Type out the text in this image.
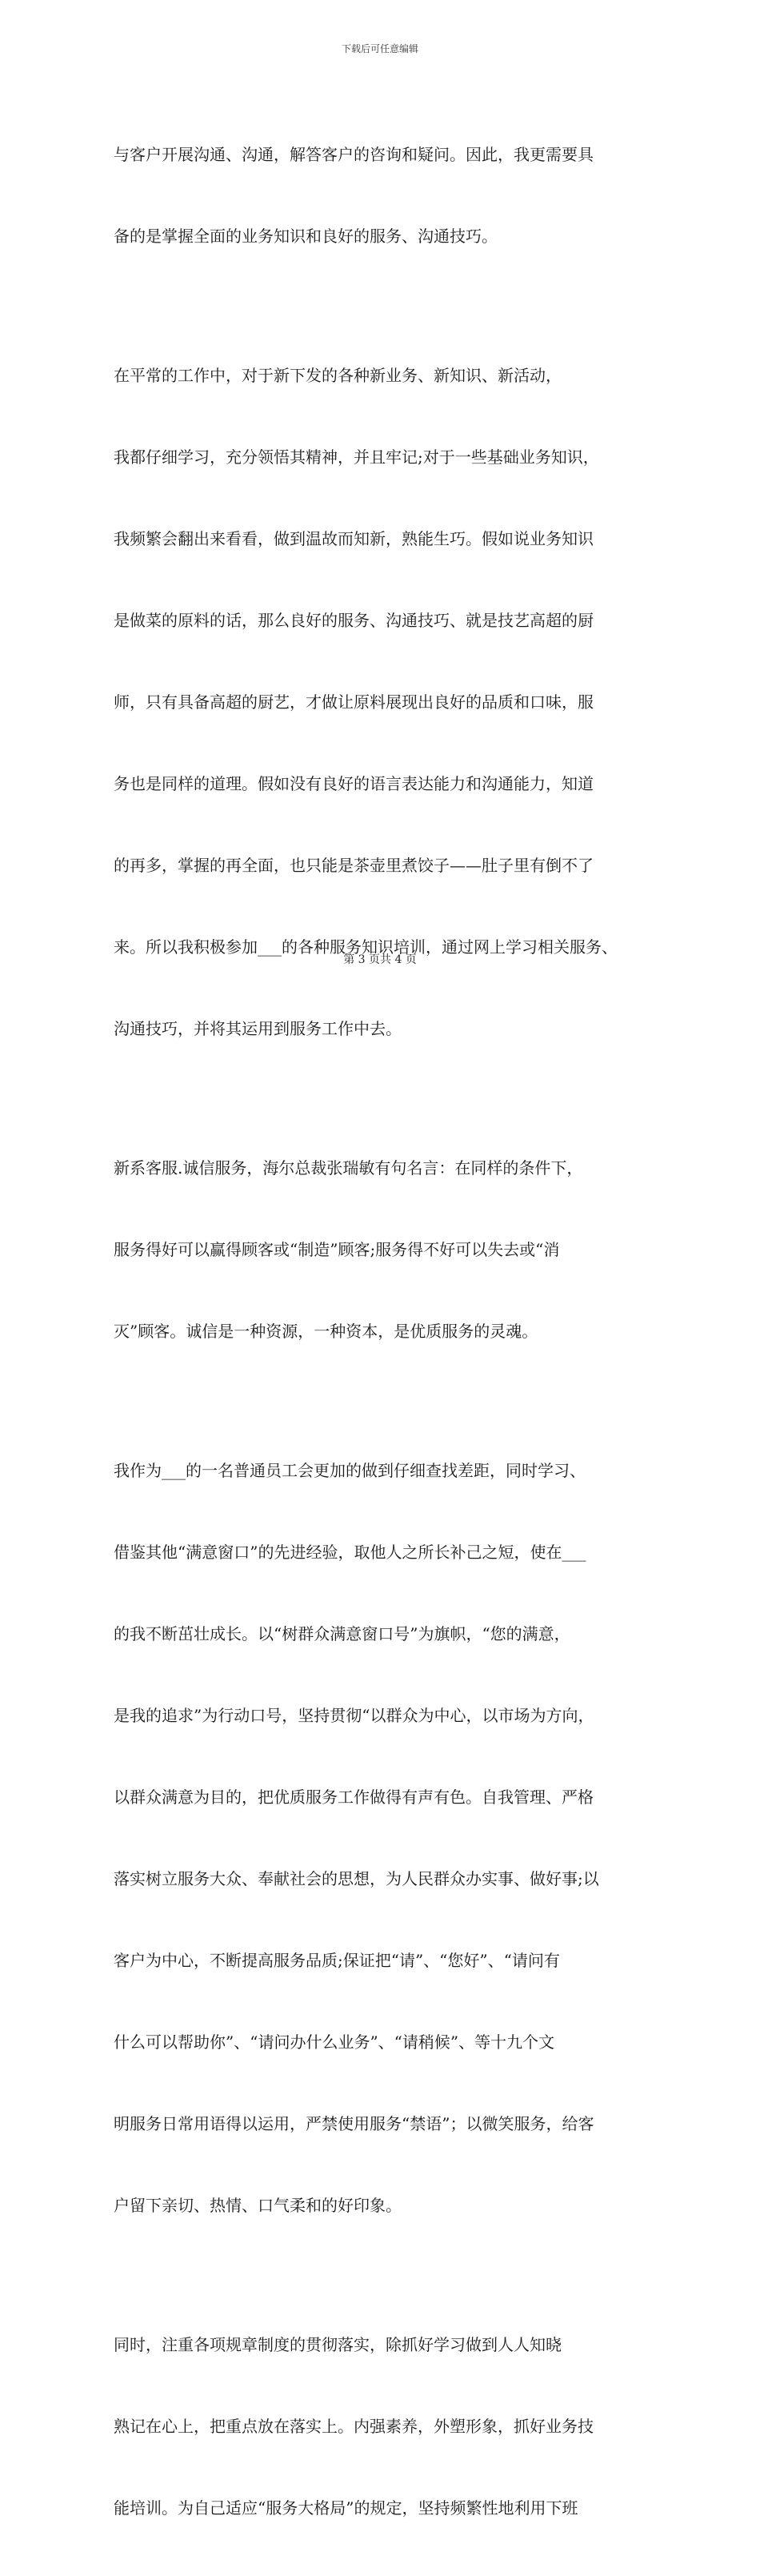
下载后可任意编辑

与客户开展沟通、沟通，解答客户的咨询和疑问。因此，我更需要具

备的是掌握全面的业务知识和良好的服务、沟通技巧。

在平常的工作中，对于新下发的各种新业务、新知识、新活动，

我都仔细学习，充分领悟其精神，并且牢记;对于一些基础业务知识，

我频繁会翻出来看看，做到温故而知新，熟能生巧。假如说业务知识

是做菜的原料的话，那么良好的服务、沟通技巧、就是技艺高超的厨

师，只有具备高超的厨艺，才做让原料展现出良好的品质和口味，服

务也是同样的道理。假如没有良好的语言表达能力和沟通能力，知道

的再多，掌握的再全面，也只能是茶壶里煮饺子——肚子里有倒不了

来。所以我积极参加___的各种服务知识培训，通过网上学习相关服务、

沟通技巧，并将其运用到服务工作中去。

新系客服.诚信服务，海尔总裁张瑞敏有句名言：在同样的条件下，

服务得好可以赢得顾客或“制造”顾客;服务得不好可以失去或“消

灭”顾客。诚信是一种资源，一种资本，是优质服务的灵魂。

我作为___的一名普通员工会更加的做到仔细查找差距，同时学习、

借鉴其他“满意窗口”的先进经验，取他人之所长补己之短，使在___

的我不断茁壮成长。以“树群众满意窗口号”为旗帜，“您的满意，

是我的追求”为行动口号，坚持贯彻“以群众为中心，以市场为方向，

以群众满意为目的，把优质服务工作做得有声有色。自我管理、严格

落实树立服务大众、奉献社会的思想，为人民群众办实事、做好事;以

客户为中心，不断提高服务品质;保证把“请”、“您好”、“请问有

什么可以帮助你”、“请问办什么业务”、“请稍候”、等十九个文

明服务日常用语得以运用，严禁使用服务“禁语”；以微笑服务，给客

户留下亲切、热情、口气柔和的好印象。

同时，注重各项规章制度的贯彻落实，除抓好学习做到人人知晓

熟记在心上，把重点放在落实上。内强素养，外塑形象，抓好业务技

能培训。为自己适应“服务大格局”的规定，坚持频繁性地利用下班

第 3 页共 4 页
